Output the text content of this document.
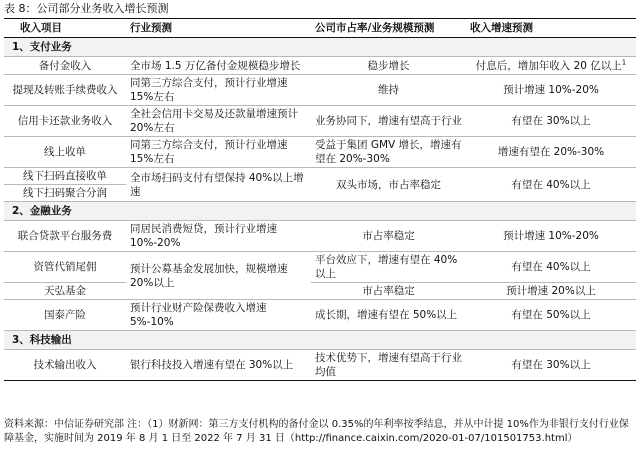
表 8：公司部分业务收入增长预测
收入项目	行业预测	公司市占率/业务规模预测	收入增速预测
1、支付业务			
备付金收入	全市场 1.5 万亿备付金规模稳步增长	稳步增长	付息后，增加年收入 20 亿以上$^1$
提现及转账手续费收入	同第三方综合支付，预计行业增速15%左右	维持	预计增速 10%-20%
信用卡还款业务收入	全社会信用卡交易及还款量增速预计20%左右	业务协同下，增速有望高于行业	有望在 30%以上
线上收单	同第三方综合支付，预计行业增速15%左右	受益于集团 GMV 增长，增速有望在 20%-30%	增速有望在 20%-30%
线下扫码直接收单	全市场扫码支付有望保持 40%以上增速	双头市场，市占率稳定	有望在 40%以上
线下扫码聚合分润			
2、金融业务			
联合贷款平台服务费	同居民消费短贷，预计行业增速10%-20%	市占率稳定	预计增速 10%-20%
资管代销尾佣	预计公募基金发展加快，规模增速20%以上	平台效应下，增速有望在 40%以上	有望在 40%以上
天弘基金		市占率稳定	预计增速 20%以上
国泰产险	预计行业财产险保费收入增速5%-10%	成长期，增速有望在 50%以上	有望在 50%以上
3、科技输出			
技术输出收入	银行科技投入增速有望在 30%以上	技术优势下，增速有望高于行业均值	有望在 30%以上
资料来源：中信证券研究部 注：（1）财新网：第三方支付机构的备付金以 0.35%的年利率按季结息，并从中计提 10%作为非银行支付行业保障基金，实施时间为 2019 年 8 月 1 日至 2022 年 7 月 31 日（http://finance.caixin.com/2020-01-07/101501753.html）
